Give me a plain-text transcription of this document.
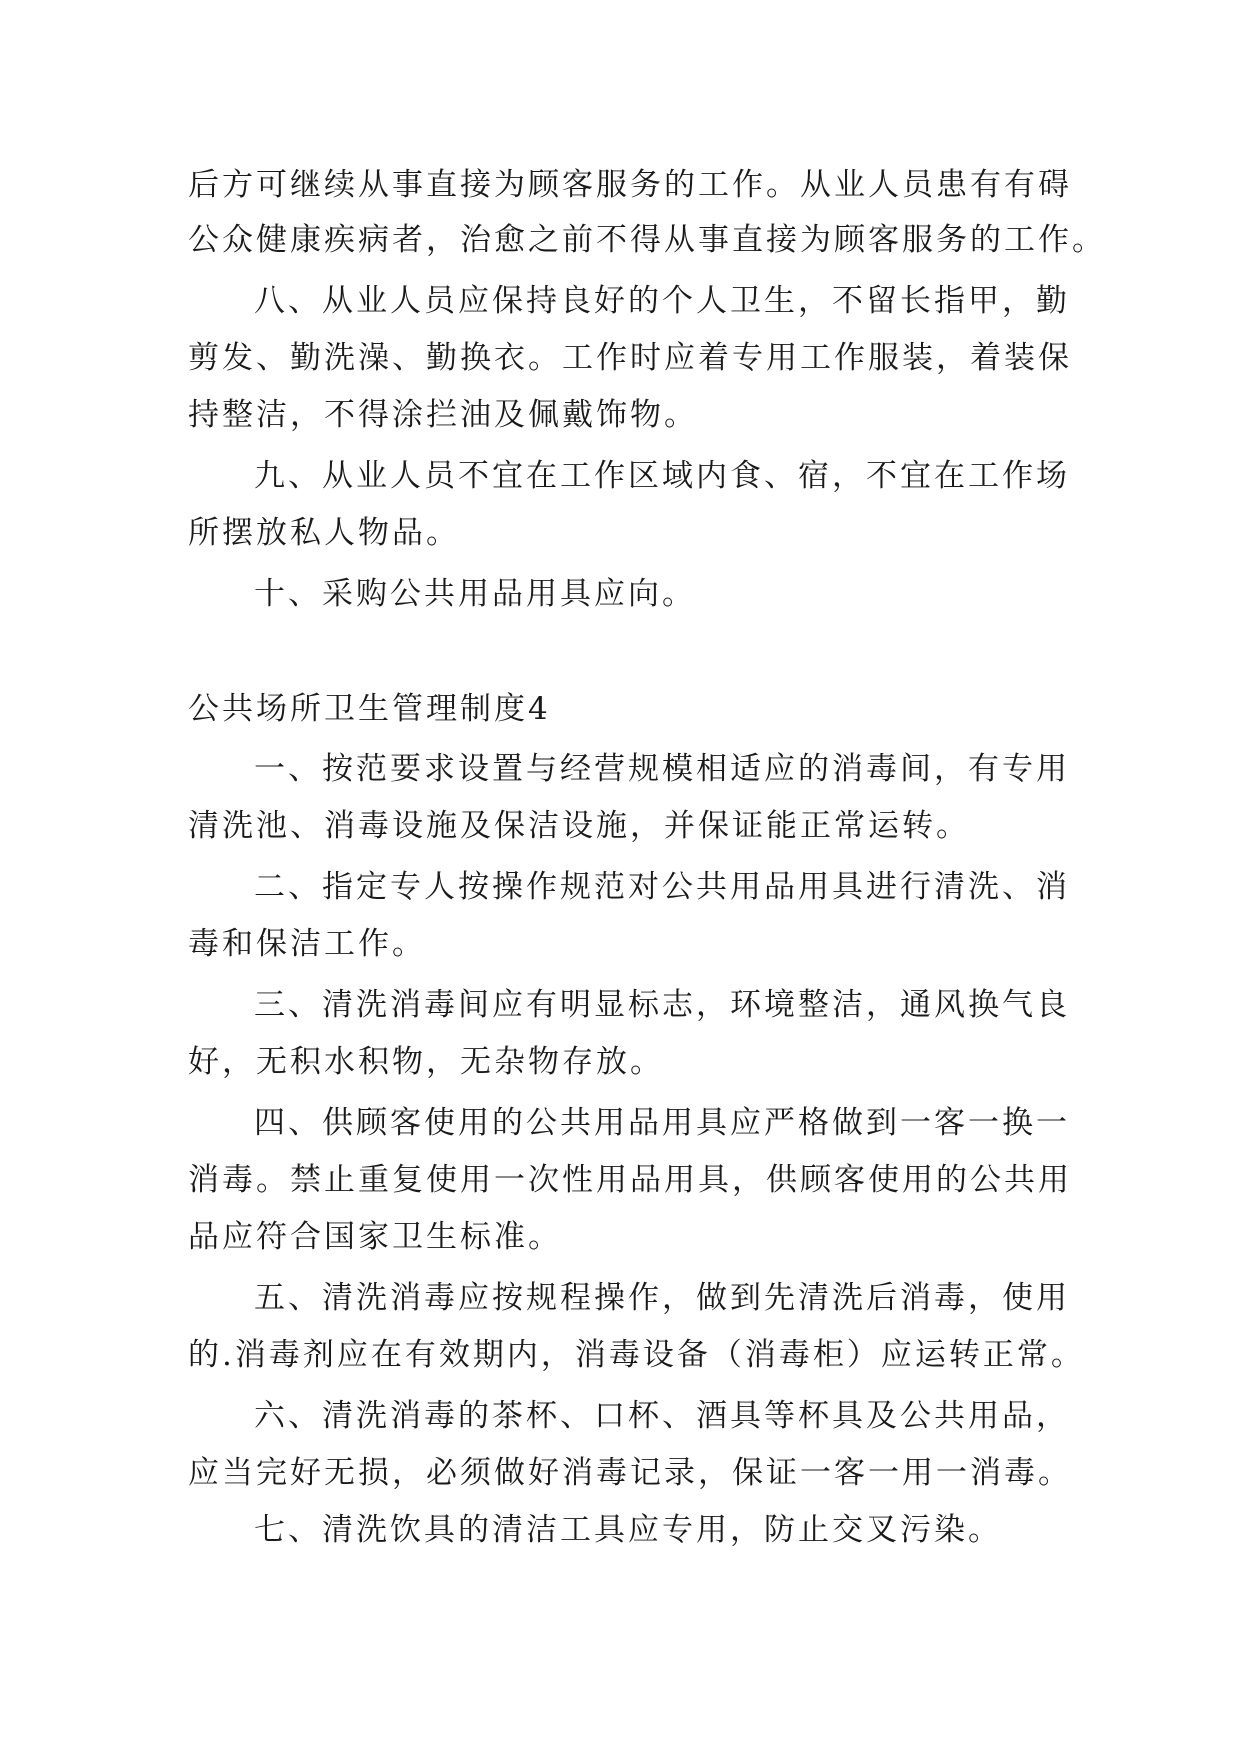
后方可继续从事直接为顾客服务的工作。从业人员患有有碍
公众健康疾病者，治愈之前不得从事直接为顾客服务的工作。
八、从业人员应保持良好的个人卫生，不留长指甲，勤
剪发、勤洗澡、勤换衣。工作时应着专用工作服装，着装保
持整洁，不得涂拦油及佩戴饰物。
九、从业人员不宜在工作区域内食、宿，不宜在工作场
所摆放私人物品。
十、采购公共用品用具应向。
公共场所卫生管理制度4
一、按范要求设置与经营规模相适应的消毒间，有专用
清洗池、消毒设施及保洁设施，并保证能正常运转。
二、指定专人按操作规范对公共用品用具进行清洗、消
毒和保洁工作。
三、清洗消毒间应有明显标志，环境整洁，通风换气良
好，无积水积物，无杂物存放。
四、供顾客使用的公共用品用具应严格做到一客一换一
消毒。禁止重复使用一次性用品用具，供顾客使用的公共用
品应符合国家卫生标准。
五、清洗消毒应按规程操作，做到先清洗后消毒，使用
的.消毒剂应在有效期内，消毒设备（消毒柜）应运转正常。
六、清洗消毒的茶杯、口杯、酒具等杯具及公共用品，
应当完好无损，必须做好消毒记录，保证一客一用一消毒。
七、清洗饮具的清洁工具应专用，防止交叉污染。
